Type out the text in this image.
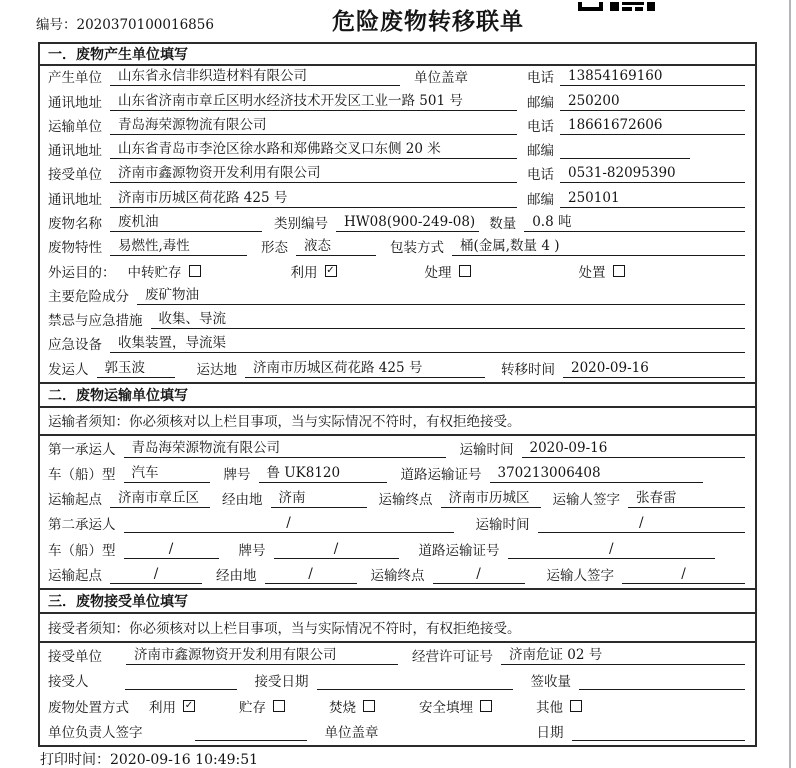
编号：2020370100016856	危险废物转移联单
一．废物产生单位填写
产生单位	山东省永信非织造材料有限公司	单位盖章	电话	13854169160
通讯地址	山东省济南市章丘区明水经济技术开发区工业一路 501 号	邮编	250200
运输单位	青岛海荣源物流有限公司	电话	18661672606
通讯地址	山东省青岛市李沧区徐水路和郑佛路交叉口东侧 20 米	邮编
接受单位	济南市鑫源物资开发利用有限公司	电话	0531-82095390
通讯地址	济南市历城区荷花路 425 号	邮编	250101
废物名称	废机油	类别编号	HW08(900-249-08) 数量	0.8 吨
废物特性	易燃性,毒性	形态	液态	包装方式	桶(金属,数量 4 )
外运目的： 中转贮存	利用 ✓	处理	处置
主要危险成分	废矿物油
禁忌与应急措施	收集、导流
应急设备	收集装置，导流渠
发运人	郭玉波	运达地	济南市历城区荷花路 425 号	转移时间	2020-09-16
二．废物运输单位填写
运输者须知：你必须核对以上栏目事项，当与实际情况不符时，有权拒绝接受。
第一承运人	青岛海荣源物流有限公司	运输时间	2020-09-16
车（船）型	汽车	牌号	鲁 UK8120	道路运输证号	370213006408
运输起点	济南市章丘区	经由地	济南	运输终点	济南市历城区	运输人签字	张春雷
第二承运人	/	运输时间	/
车（船）型	/	牌号	/	道路运输证号	/
运输起点	/	经由地	/	运输终点	/	运输人签字	/
三．废物接受单位填写
接受者须知：你必须核对以上栏目事项，当与实际情况不符时，有权拒绝接受。
接受单位	济南市鑫源物资开发利用有限公司	经营许可证号	济南危证 02 号
接受人	接受日期	签收量
废物处置方式 利用 ✓	贮存	焚烧	安全填埋	其他
单位负责人签字	单位盖章	日期
打印时间：2020-09-16 10:49:51
